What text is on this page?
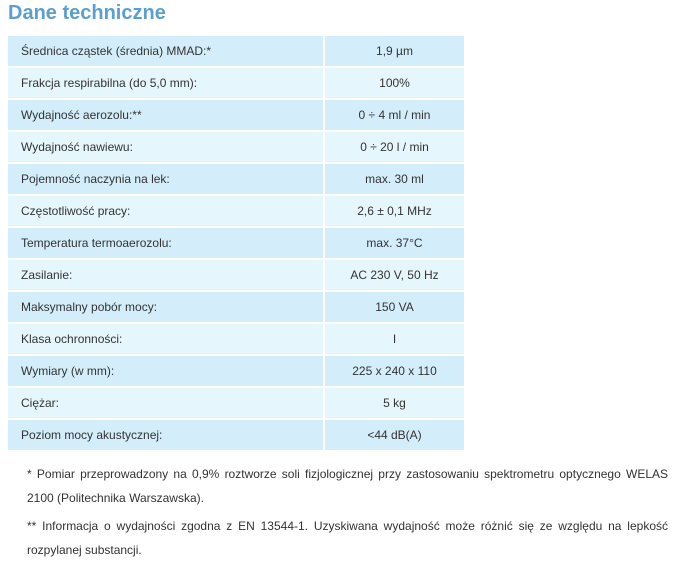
Dane techniczne
Średnica cząstek (średnia) MMAD:*	1,9 µm
Frakcja respirabilna (do 5,0 mm):	100%
Wydajność aerozolu:**	0 ÷ 4 ml / min
Wydajność nawiewu:	0 ÷ 20 l / min
Pojemność naczynia na lek:	max. 30 ml
Częstotliwość pracy:	2,6 ± 0,1 MHz
Temperatura termoaerozolu:	max. 37°C
Zasilanie:	AC 230 V, 50 Hz
Maksymalny pobór mocy:	150 VA
Klasa ochronności:	I
Wymiary (w mm):	225 x 240 x 110
Ciężar:	5 kg
Poziom mocy akustycznej:	<44 dB(A)

* Pomiar przeprowadzony na 0,9% roztworze soli fizjologicznej przy zastosowaniu spektrometru optycznego WELAS 2100 (Politechnika Warszawska).

** Informacja o wydajności zgodna z EN 13544-1. Uzyskiwana wydajność może różnić się ze względu na lepkość rozpylanej substancji.
